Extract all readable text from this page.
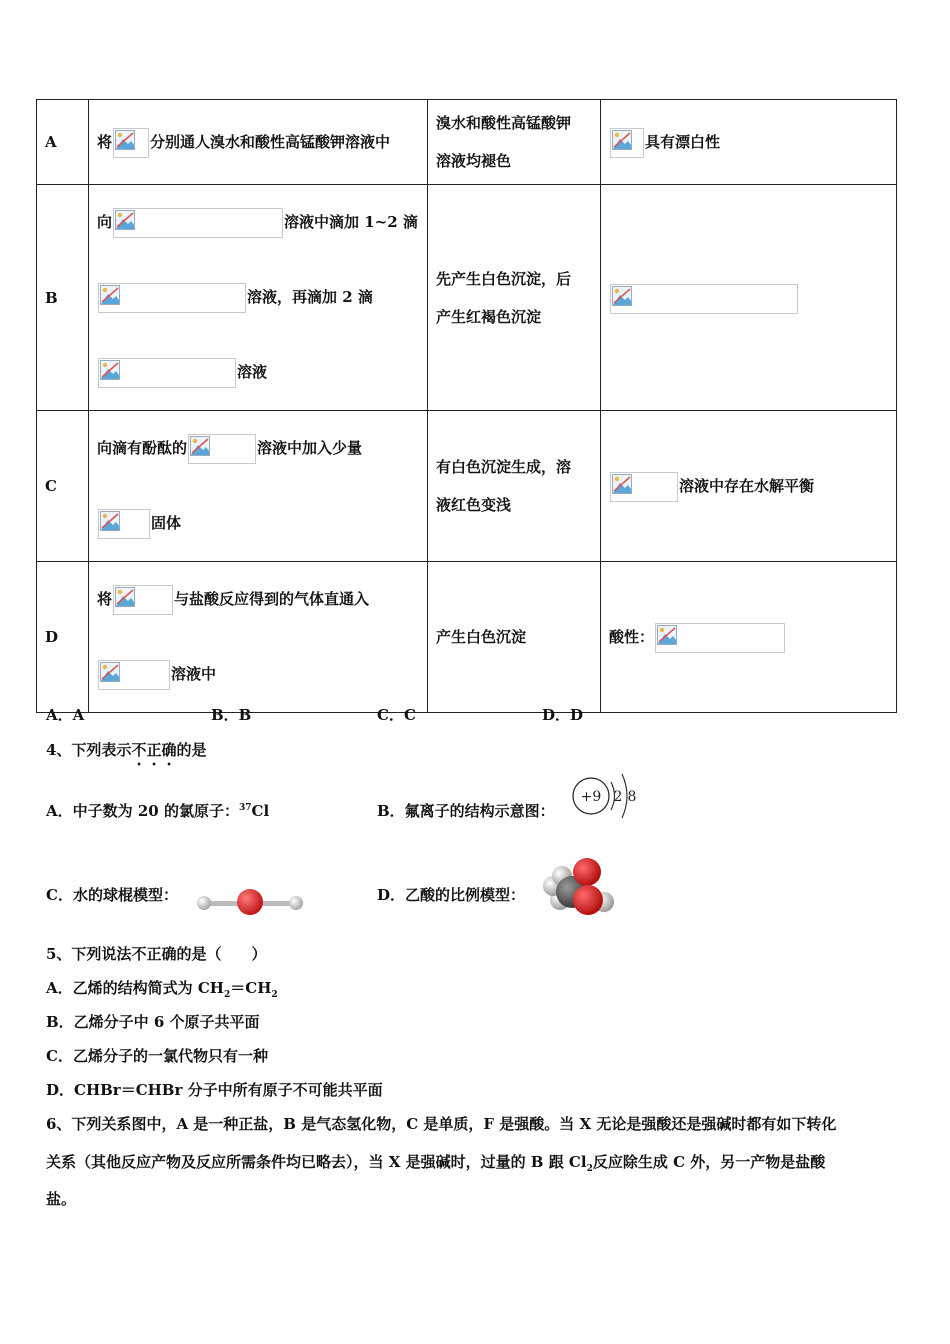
A	将 分别通人溴水和酸性高锰酸钾溶液中	溴水和酸性高锰酸钾
溶液均褪色	具有漂白性
B	向 溶液中滴加 1~2 滴

溶液，再滴加 2 滴

溶液	先产生白色沉淀，后
产生红褐色沉淀

C	向滴有酚酞的 溶液中加入少量

固体	有白色沉淀生成，溶
液红色变浅	溶液中存在水解平衡
D	将 与盐酸反应得到的气体直通入

溶液中	产生白色沉淀	酸性：
A．A	B．B	C．C	D．D
4、下列表示不正确的是
A．中子数为 20 的氯原子：$^{37}$Cl	B．氟离子的结构示意图：
+9 2 8
C．水的球棍模型：	D．乙酸的比例模型：
5、下列说法不正确的是（　　）
A．乙烯的结构简式为 $CH_2=CH_2$
B．乙烯分子中 6 个原子共平面
C．乙烯分子的一氯代物只有一种
D．CHBr＝CHBr 分子中所有原子不可能共平面
6、下列关系图中，A 是一种正盐，B 是气态氢化物，C 是单质，F 是强酸。当 X 无论是强酸还是强碱时都有如下转化
关系（其他反应产物及反应所需条件均已略去），当 X 是强碱时，过量的 B 跟 $Cl_2$反应除生成 C 外，另一产物是盐酸
盐。
